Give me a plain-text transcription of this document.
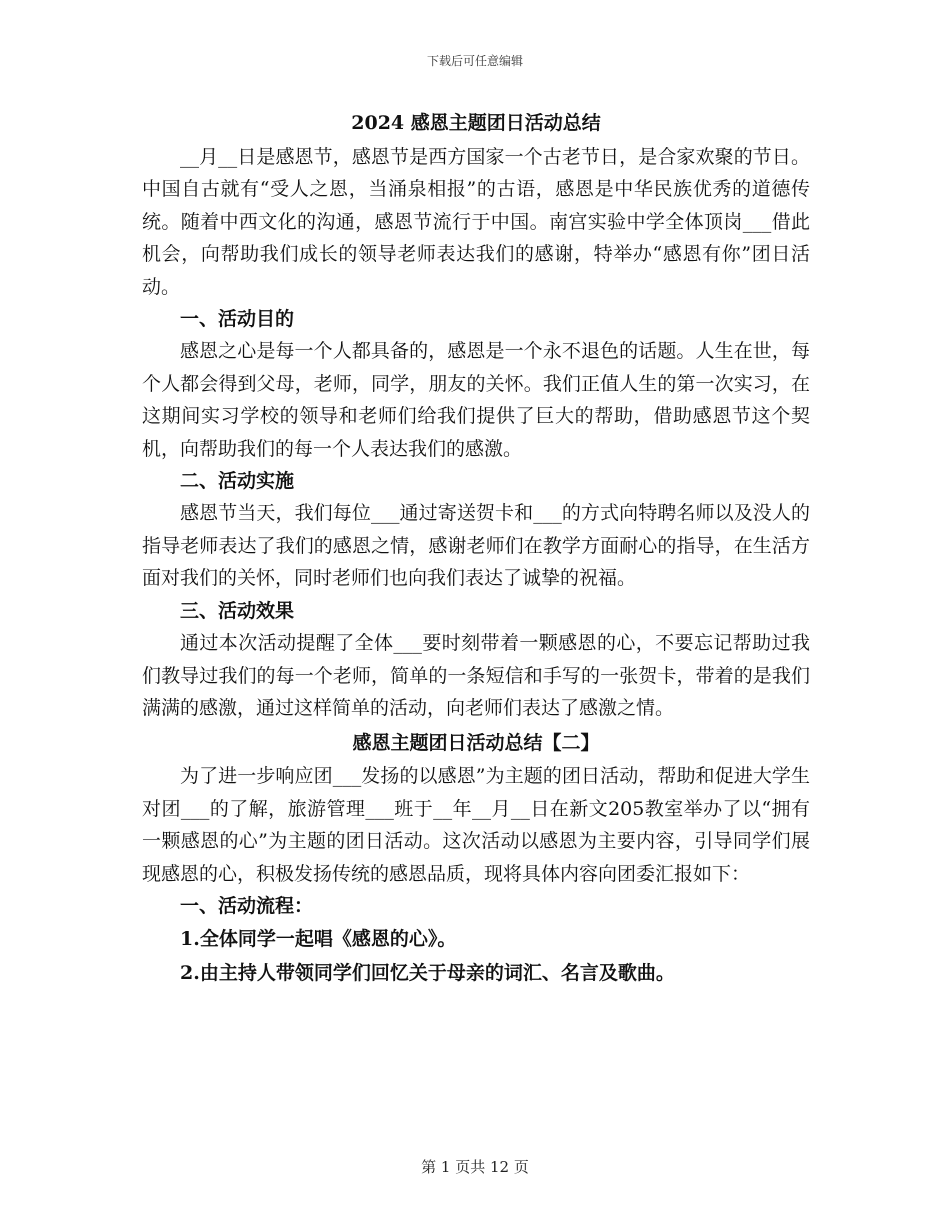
下载后可任意编辑
2024 感恩主题团日活动总结

__月__日是感恩节，感恩节是西方国家一个古老节日，是合家欢聚的节日。中国自古就有“受人之恩，当涌泉相报”的古语，感恩是中华民族优秀的道德传统。随着中西文化的沟通，感恩节流行于中国。南宫实验中学全体顶岗___借此机会，向帮助我们成长的领导老师表达我们的感谢，特举办“感恩有你”团日活动。

一、活动目的

感恩之心是每一个人都具备的，感恩是一个永不退色的话题。人生在世，每个人都会得到父母，老师，同学，朋友的关怀。我们正值人生的第一次实习，在这期间实习学校的领导和老师们给我们提供了巨大的帮助，借助感恩节这个契机，向帮助我们的每一个人表达我们的感激。

二、活动实施

感恩节当天，我们每位___通过寄送贺卡和___的方式向特聘名师以及没人的指导老师表达了我们的感恩之情，感谢老师们在教学方面耐心的指导，在生活方面对我们的关怀，同时老师们也向我们表达了诚挚的祝福。

三、活动效果

通过本次活动提醒了全体___要时刻带着一颗感恩的心，不要忘记帮助过我们教导过我们的每一个老师，简单的一条短信和手写的一张贺卡，带着的是我们满满的感激，通过这样简单的活动，向老师们表达了感激之情。

感恩主题团日活动总结【二】

为了进一步响应团___发扬的以感恩”为主题的团日活动，帮助和促进大学生对团___的了解，旅游管理___班于__年__月__日在新文205教室举办了以“拥有一颗感恩的心”为主题的团日活动。这次活动以感恩为主要内容，引导同学们展现感恩的心，积极发扬传统的感恩品质，现将具体内容向团委汇报如下：

一、活动流程：

1.全体同学一起唱《感恩的心》。

2.由主持人带领同学们回忆关于母亲的词汇、名言及歌曲。

第 1 页共 12 页
